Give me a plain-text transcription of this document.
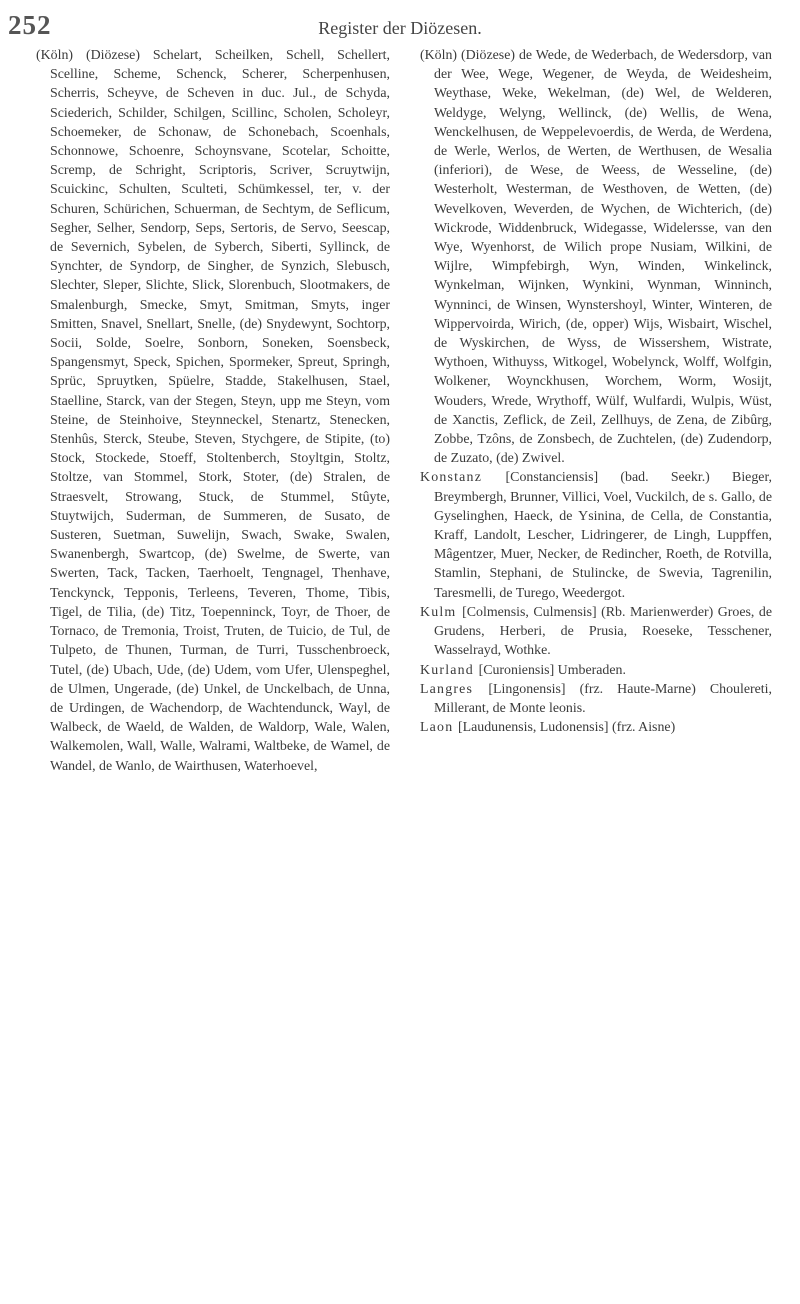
252	Register der Diözesen.

(Köln) (Diözese) Schelart, Scheilken, Schell, Schellert, Scelline, Scheme, Schenck, Scherer, Scherpenhusen, Scherris, Scheyve, de Scheven in duc. Jul., de Schyda, Sciederich, Schilder, Schilgen, Scillinc, Scholen, Scholeyr, Schoemeker, de Schonaw, de Schonebach, Scoenhals, Schonnowe, Schoenre, Schoynsvane, Scotelar, Schoitte, Scremp, de Schright, Scriptoris, Scriver, Scruytwijn, Scuickinc, Schulten, Sculteti, Schümkessel, ter, v. der Schuren, Schürichen, Schuerman, de Sechtym, de Seflicum, Segher, Selher, Sendorp, Seps, Sertoris, de Servo, Seescap, de Severnich, Sybelen, de Syberch, Siberti, Syllinck, de Synchter, de Syndorp, de Singher, de Synzich, Slebusch, Slechter, Sleper, Slichte, Slick, Slorenbuch, Slootmakers, de Smalenburgh, Smecke, Smyt, Smitman, Smyts, inger Smitten, Snavel, Snellart, Snelle, (de) Snydewynt, Sochtorp, Socii, Solde, Soelre, Sonborn, Soneken, Soensbeck, Spangensmyt, Speck, Spichen, Spormeker, Spreut, Springh, Sprüc, Spruytken, Spüelre, Stadde, Stakelhusen, Stael, Staelline, Starck, van der Stegen, Steyn, upp me Steyn, vom Steine, de Steinhoive, Steynneckel, Stenartz, Stenecken, Stenhûs, Sterck, Steube, Steven, Stychgere, de Stipite, (to) Stock, Stockede, Stoeff, Stoltenberch, Stoyltgin, Stoltz, Stoltze, van Stommel, Stork, Stoter, (de) Stralen, de Straesvelt, Strowang, Stuck, de Stummel, Stûyte, Stuytwijch, Suderman, de Summeren, de Susato, de Susteren, Suetman, Suwelijn, Swach, Swake, Swalen, Swanenbergh, Swartcop, (de) Swelme, de Swerte, van Swerten, Tack, Tacken, Taerhoelt, Tengnagel, Thenhave, Tenckynck, Tepponis, Terleens, Teveren, Thome, Tibis, Tigel, de Tilia, (de) Titz, Toepenninck, Toyr, de Thoer, de Tornaco, de Tremonia, Troist, Truten, de Tuicio, de Tul, de Tulpeto, de Thunen, Turman, de Turri, Tusschenbroeck, Tutel, (de) Ubach, Ude, (de) Udem, vom Ufer, Ulenspeghel, de Ulmen, Ungerade, (de) Unkel, de Unckelbach, de Unna, de Urdingen, de Wachendorp, de Wachtendunck, Wayl, de Walbeck, de Waeld, de Walden, de Waldorp, Wale, Walen, Walkemolen, Wall, Walle, Walrami, Waltbeke, de Wamel, de Wandel, de Wanlo, de Wairthusen, Waterhoevel,

(Köln) (Diözese) de Wede, de Wederbach, de Wedersdorp, van der Wee, Wege, Wegener, de Weyda, de Weidesheim, Weythase, Weke, Wekelman, (de) Wel, de Welderen, Weldyge, Welyng, Wellinck, (de) Wellis, de Wena, Wenckelhusen, de Weppelevoerdis, de Werda, de Werdena, de Werle, Werlos, de Werten, de Werthusen, de Wesalia (inferiori), de Wese, de Weess, de Wesseline, (de) Westerholt, Westerman, de Westhoven, de Wetten, (de) Wevelkoven, Weverden, de Wychen, de Wichterich, (de) Wickrode, Widdenbruck, Widegasse, Widelersse, van den Wye, Wyenhorst, de Wilich prope Nusiam, Wilkini, de Wijlre, Wimpfebirgh, Wyn, Winden, Winkelinck, Wynkelman, Wijnken, Wynkini, Wynman, Winninch, Wynninci, de Winsen, Wynstershoyl, Winter, Winteren, de Wippervoirda, Wirich, (de, opper) Wijs, Wisbairt, Wischel, de Wyskirchen, de Wyss, de Wissershem, Wistrate, Wythoen, Withuyss, Witkogel, Wobelynck, Wolff, Wolfgin, Wolkener, Woynckhusen, Worchem, Worm, Wosijt, Wouders, Wrede, Wrythoff, Wülf, Wulfardi, Wulpis, Wüst, de Xanctis, Zeflick, de Zeil, Zellhuys, de Zena, de Zibûrg, Zobbe, Tzôns, de Zonsbech, de Zuchtelen, (de) Zudendorp, de Zuzato, (de) Zwivel.

Konstanz [Constanciensis] (bad. Seekr.) Bieger, Breymbergh, Brunner, Villici, Voel, Vuckilch, de s. Gallo, de Gyselinghen, Haeck, de Ysinina, de Cella, de Constantia, Kraff, Landolt, Lescher, Lidringerer, de Lingh, Luppffen, Mâgentzer, Muer, Necker, de Redincher, Roeth, de Rotvilla, Stamlin, Stephani, de Stulincke, de Swevia, Tagrenilin, Taresmelli, de Turego, Weedergot.

Kulm [Colmensis, Culmensis] (Rb. Marienwerder) Groes, de Grudens, Herberi, de Prusia, Roeseke, Tesschener, Wasselrayd, Wothke.

Kurland [Curoniensis] Umberaden.

Langres [Lingonensis] (frz. Haute-Marne) Choulereti, Millerant, de Monte leonis.

Laon [Laudunensis, Ludonensis] (frz. Aisne)
